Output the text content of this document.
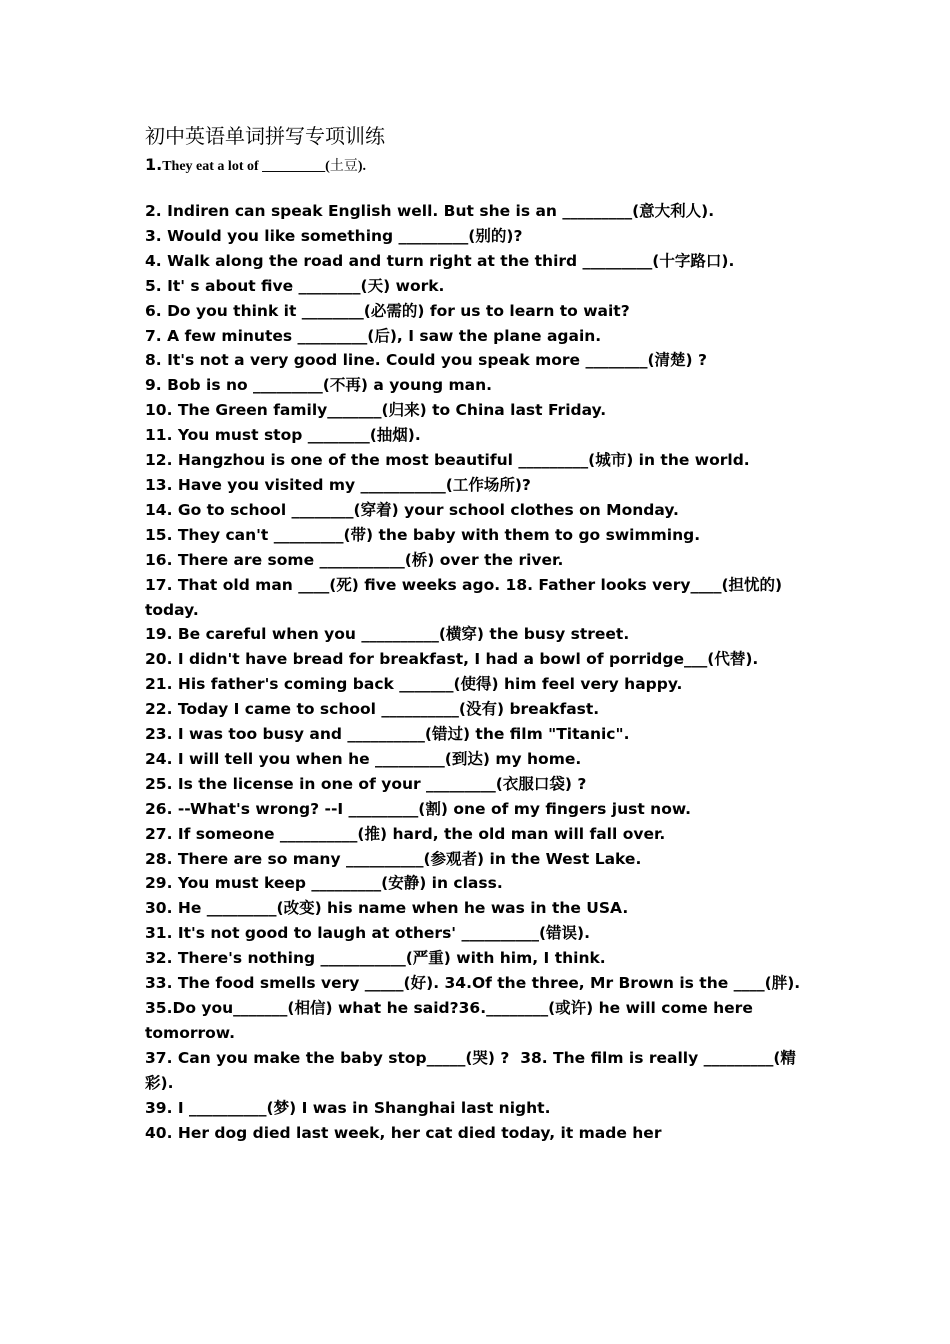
初中英语单词拼写专项训练
1.They eat a lot of _________(土豆).
2. Indiren can speak English well. But she is an _________(意大利人).
3. Would you like something _________(别的)?
4. Walk along the road and turn right at the third _________(十字路口).
5. It' s about five ________(天) work.
6. Do you think it ________(必需的) for us to learn to wait?
7. A few minutes _________(后), I saw the plane again.
8. It's not a very good line. Could you speak more ________(清楚) ?
9. Bob is no _________(不再) a young man.
10. The Green family_______(归来) to China last Friday.
11. You must stop ________(抽烟).
12. Hangzhou is one of the most beautiful _________(城市) in the world.
13. Have you visited my ___________(工作场所)?
14. Go to school ________(穿着) your school clothes on Monday.
15. They can't _________(带) the baby with them to go swimming.
16. There are some ___________(桥) over the river.
17. That old man ____(死) five weeks ago. 18. Father looks very____(担忧的) today.
19. Be careful when you __________(横穿) the busy street.
20. I didn't have bread for breakfast, I had a bowl of porridge___(代替).
21. His father's coming back _______(使得) him feel very happy.
22. Today I came to school __________(没有) breakfast.
23. I was too busy and __________(错过) the film "Titanic".
24. I will tell you when he _________(到达) my home.
25. Is the license in one of your _________(衣服口袋) ?
26. --What's wrong? --I _________(割) one of my fingers just now.
27. If someone __________(推) hard, the old man will fall over.
28. There are so many __________(参观者) in the West Lake.
29. You must keep _________(安静) in class.
30. He _________(改变) his name when he was in the USA.
31. It's not good to laugh at others' __________(错误).
32. There's nothing ___________(严重) with him, I think.
33. The food smells very _____(好). 34.Of the three, Mr Brown is the ____(胖).
35.Do you_______(相信) what he said?36.________(或许) he will come here tomorrow.
37. Can you make the baby stop_____(哭) ?  38. The film is really _________(精彩).
39. I __________(梦) I was in Shanghai last night.
40. Her dog died last week, her cat died today, it made her
